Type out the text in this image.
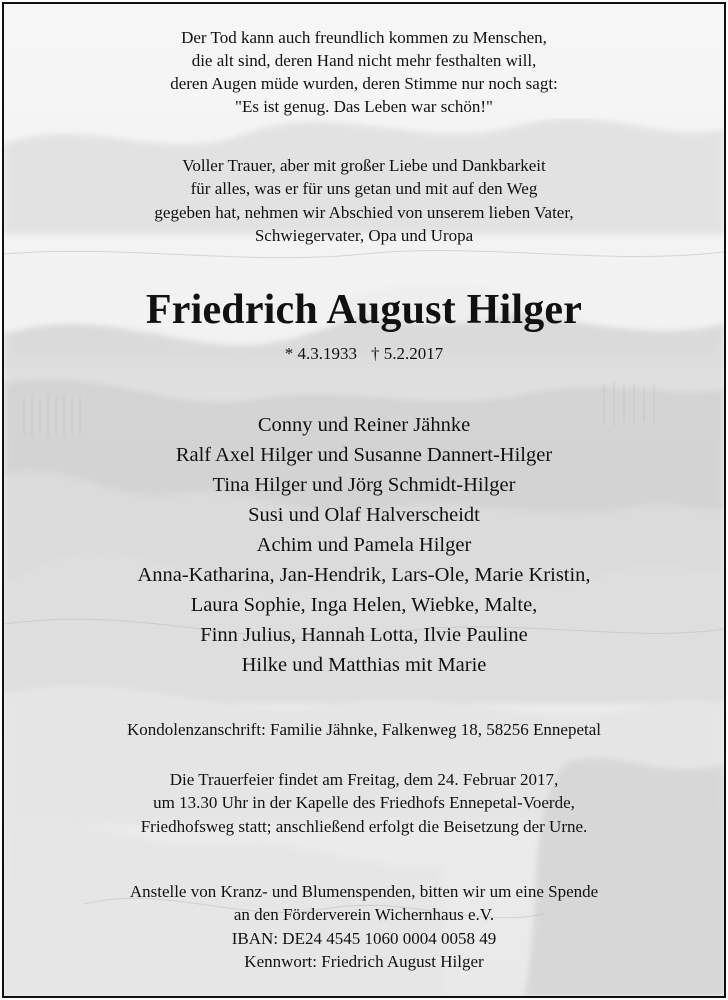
Der Tod kann auch freundlich kommen zu Menschen,
die alt sind, deren Hand nicht mehr festhalten will,
deren Augen müde wurden, deren Stimme nur noch sagt:
"Es ist genug. Das Leben war schön!"
Voller Trauer, aber mit großer Liebe und Dankbarkeit
für alles, was er für uns getan und mit auf den Weg
gegeben hat, nehmen wir Abschied von unserem lieben Vater,
Schwiegervater, Opa und Uropa
Friedrich August Hilger
* 4.3.1933 † 5.2.2017
Conny und Reiner Jähnke
Ralf Axel Hilger und Susanne Dannert-Hilger
Tina Hilger und Jörg Schmidt-Hilger
Susi und Olaf Halverscheidt
Achim und Pamela Hilger
Anna-Katharina, Jan-Hendrik, Lars-Ole, Marie Kristin,
Laura Sophie, Inga Helen, Wiebke, Malte,
Finn Julius, Hannah Lotta, Ilvie Pauline
Hilke und Matthias mit Marie
Kondolenzanschrift: Familie Jähnke, Falkenweg 18, 58256 Ennepetal
Die Trauerfeier findet am Freitag, dem 24. Februar 2017,
um 13.30 Uhr in der Kapelle des Friedhofs Ennepetal-Voerde,
Friedhofsweg statt; anschließend erfolgt die Beisetzung der Urne.
Anstelle von Kranz- und Blumenspenden, bitten wir um eine Spende
an den Förderverein Wichernhaus e.V.
IBAN: DE24 4545 1060 0004 0058 49
Kennwort: Friedrich August Hilger
